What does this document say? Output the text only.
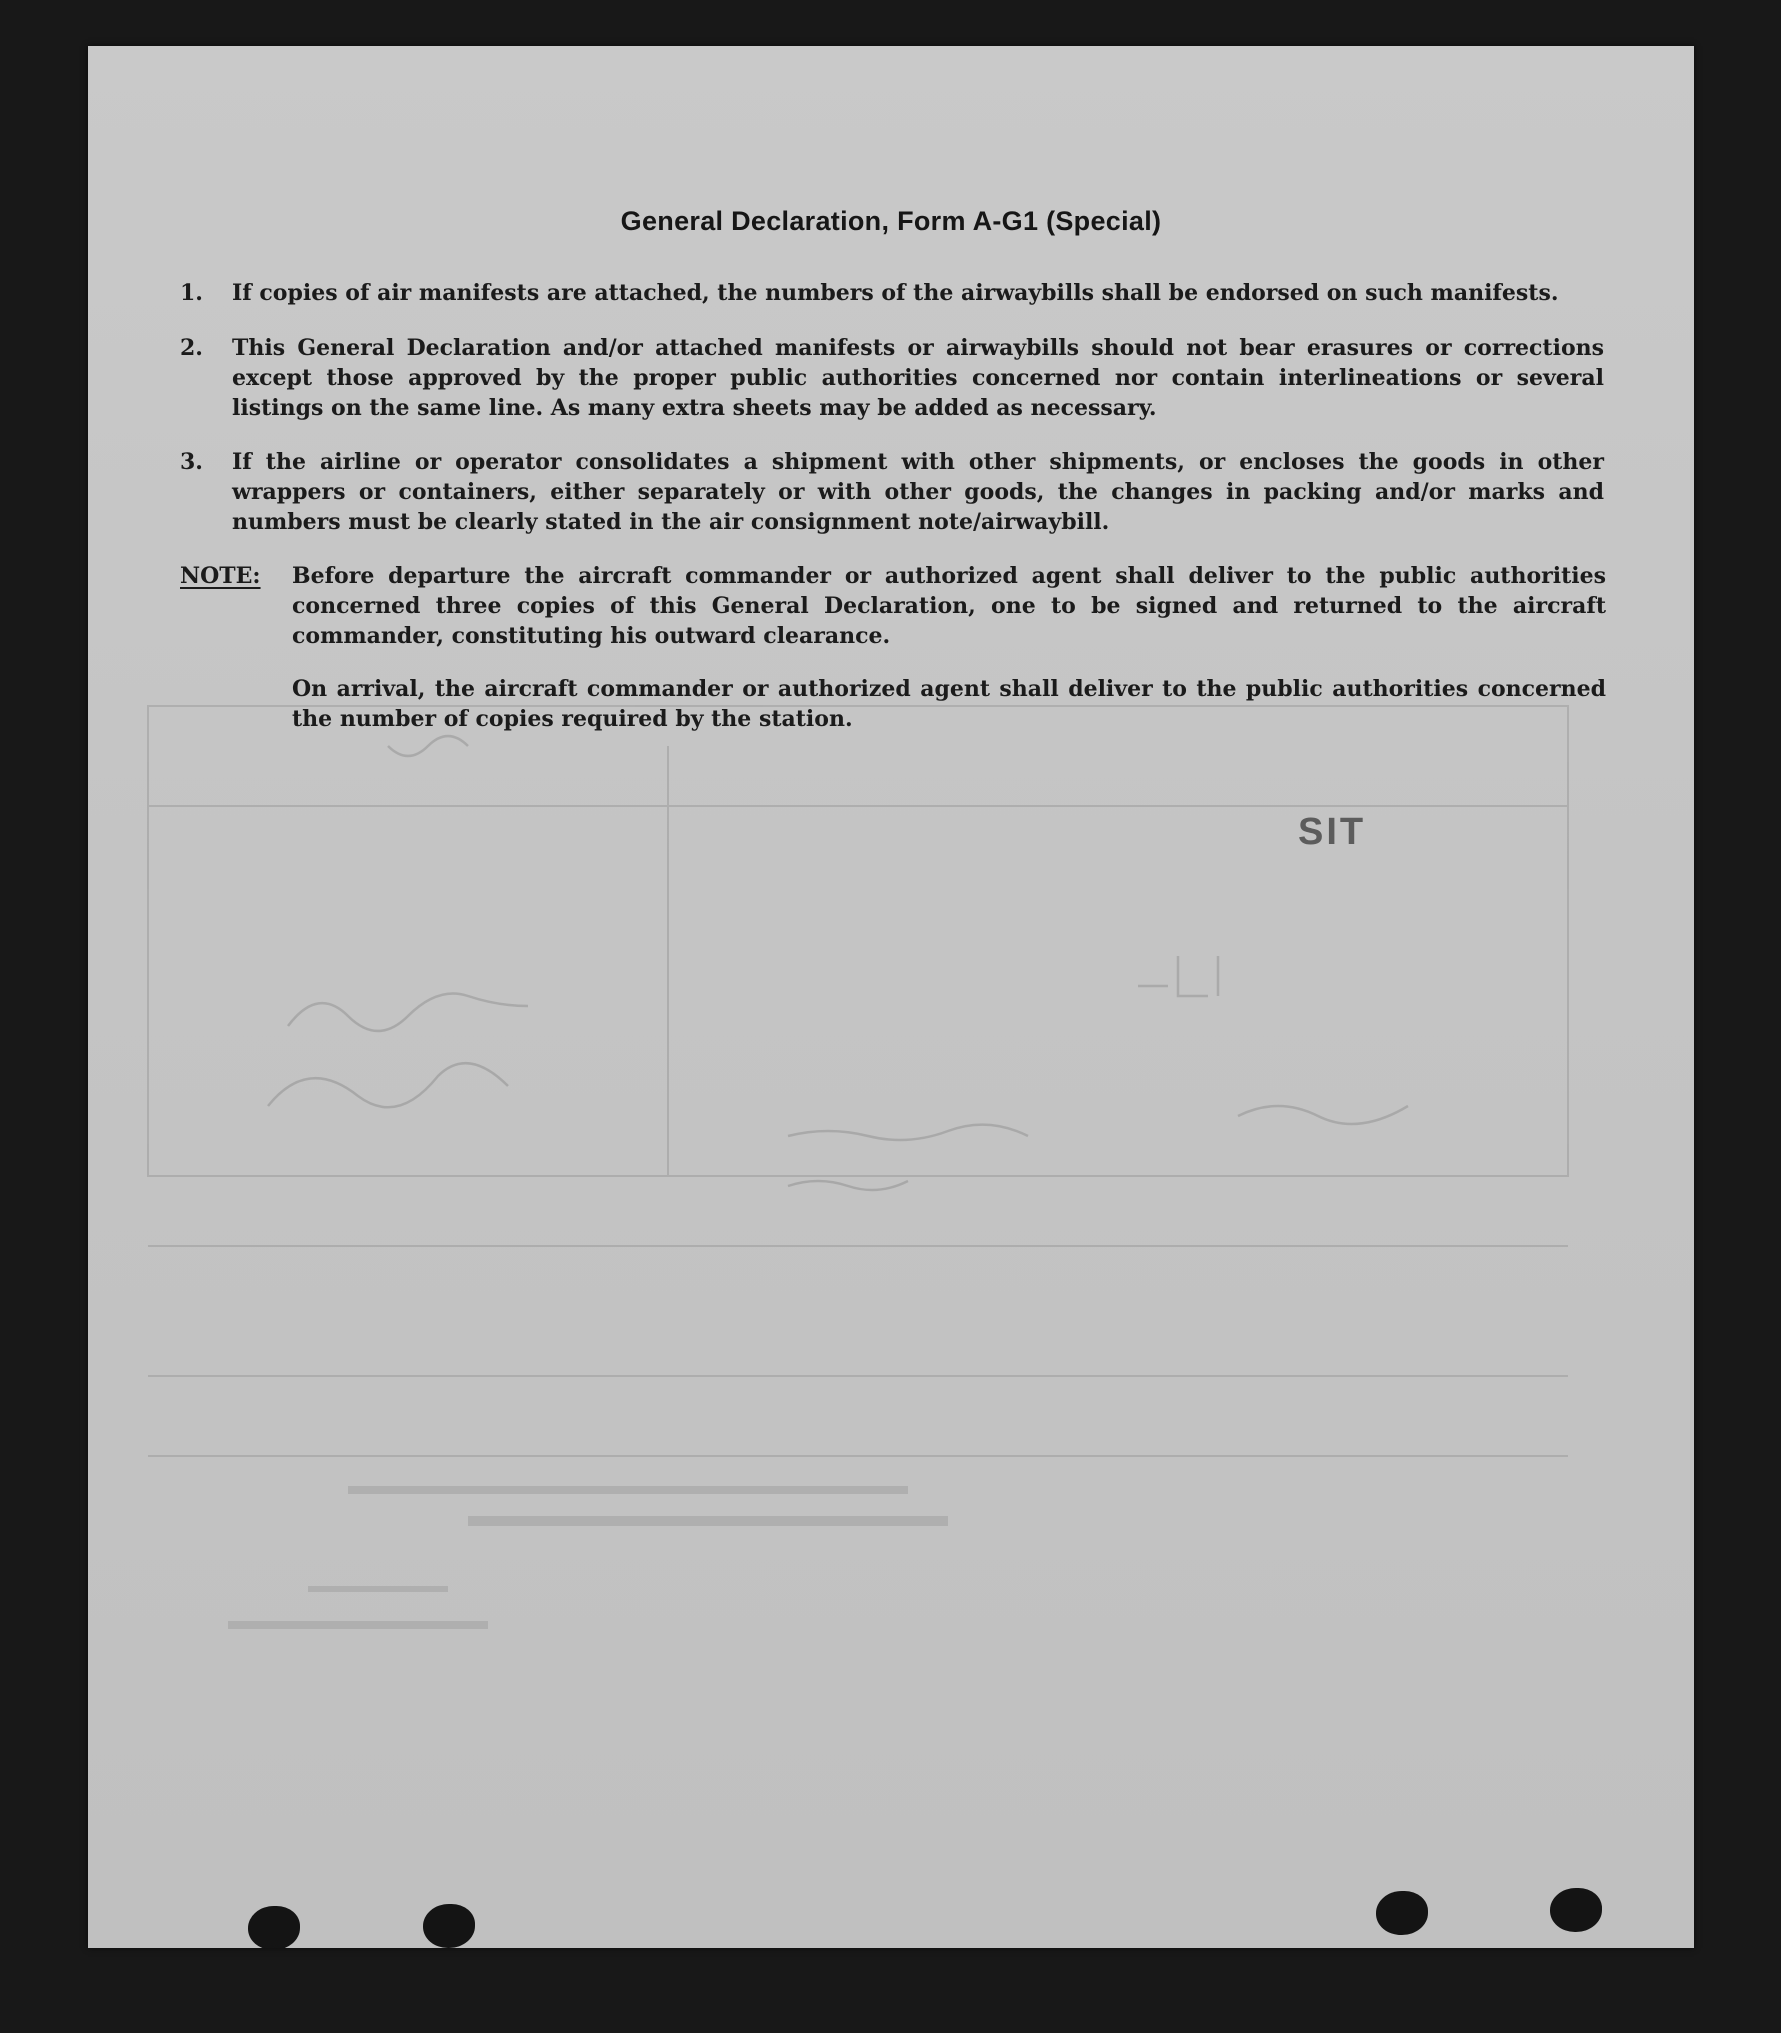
General Declaration, Form A-G1 (Special)
1.	If copies of air manifests are attached, the numbers of the airwaybills shall be endorsed on such manifests.
2.	This General Declaration and/or attached manifests or airwaybills should not bear erasures or corrections except those approved by the proper public authorities concerned nor contain interlineations or several listings on the same line. As many extra sheets may be added as necessary.
3.	If the airline or operator consolidates a shipment with other shipments, or encloses the goods in other wrappers or containers, either separately or with other goods, the changes in packing and/or marks and numbers must be clearly stated in the air consignment note/airwaybill.
NOTE: Before departure the aircraft commander or authorized agent shall deliver to the public authorities concerned three copies of this General Declaration, one to be signed and returned to the aircraft commander, constituting his outward clearance.
On arrival, the aircraft commander or authorized agent shall deliver to the public authorities concerned the number of copies required by the station.
SIT
